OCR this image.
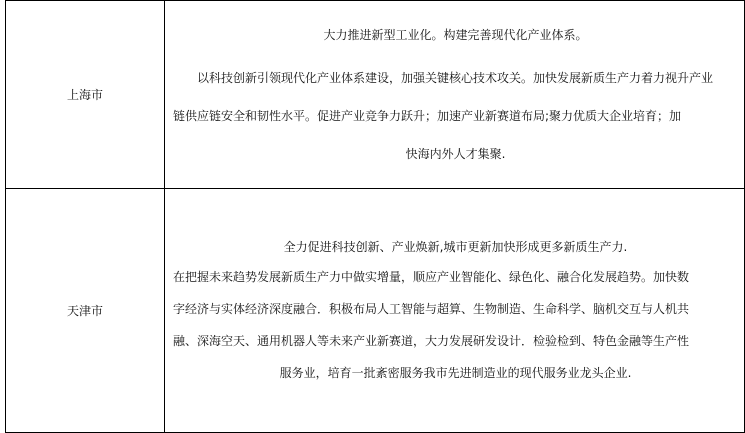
上海市	大力推进新型工业化。构建完善现代化产业体系。
以科技创新引领现代化产业体系建设，加强关键核心技术攻关。加快发展新质生产力着力视升产业
链供应链安全和韧性水平。促进产业竞争力跃升；加速产业新赛道布局;聚力优质大企业培育；加
快海内外人才集聚.

天津市	全力促进科技创新、产业焕新,城市更新加快形成更多新质生产力.
在把握未来趋势发展新质生产力中做实增量，顺应产业智能化、绿色化、融合化发展趋势。加快数
字经济与实体经济深度融合．积极布局人工智能与超算、生物制造、生命科学、脑机交互与人机共
融、深海空天、通用机器人等未来产业新赛道，大力发展研发设计．检验检到、特色金融等生产性
服务业，培育一批紊密服务我市先进制造业的现代服务业龙头企业.
